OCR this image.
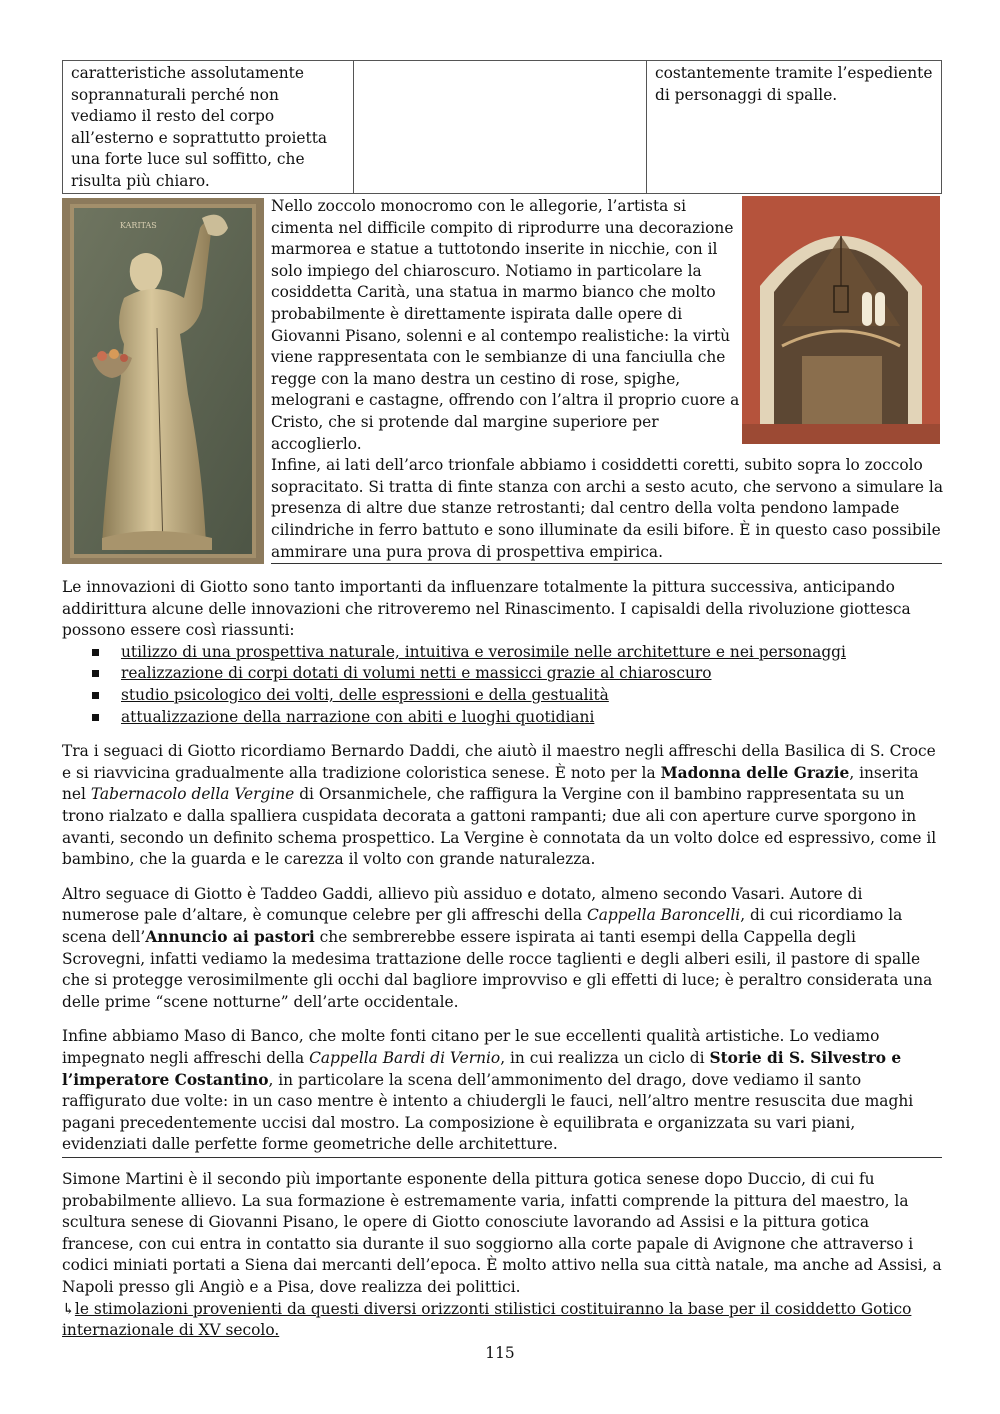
caratteristiche assolutamente soprannaturali perché non vediamo il resto del corpo all’esterno e soprattutto proietta una forte luce sul soffitto, che risulta più chiaro.		costantemente tramite l’espediente di personaggi di spalle.
KARITAS

Nello zoccolo monocromo con le allegorie, l’artista si cimenta nel difficile compito di riprodurre una decorazione marmorea e statue a tuttotondo inserite in nicchie, con il solo impiego del chiaroscuro. Notiamo in particolare la cosiddetta Carità, una statua in marmo bianco che molto probabilmente è direttamente ispirata dalle opere di Giovanni Pisano, solenni e al contempo realistiche: la virtù viene rappresentata con le sembianze di una fanciulla che regge con la mano destra un cestino di rose, spighe, melograni e castagne, offrendo con l’altra il proprio cuore a Cristo, che si protende dal margine superiore per accoglierlo.

Infine, ai lati dell’arco trionfale abbiamo i cosiddetti coretti, subito sopra lo zoccolo sopracitato. Si tratta di finte stanza con archi a sesto acuto, che servono a simulare la presenza di altre due stanze retrostanti; dal centro della volta pendono lampade cilindriche in ferro battuto e sono illuminate da esili bifore. È in questo caso possibile ammirare una pura prova di prospettiva empirica.

Le innovazioni di Giotto sono tanto importanti da influenzare totalmente la pittura successiva, anticipando addirittura alcune delle innovazioni che ritroveremo nel Rinascimento. I capisaldi della rivoluzione giottesca possono essere così riassunti:

utilizzo di una prospettiva naturale, intuitiva e verosimile nelle architetture e nei personaggi
realizzazione di corpi dotati di volumi netti e massicci grazie al chiaroscuro
studio psicologico dei volti, delle espressioni e della gestualità
attualizzazione della narrazione con abiti e luoghi quotidiani

Tra i seguaci di Giotto ricordiamo Bernardo Daddi, che aiutò il maestro negli affreschi della Basilica di S. Croce e si riavvicina gradualmente alla tradizione coloristica senese. È noto per la Madonna delle Grazie, inserita nel Tabernacolo della Vergine di Orsanmichele, che raffigura la Vergine con il bambino rappresentata su un trono rialzato e dalla spalliera cuspidata decorata a gattoni rampanti; due ali con aperture curve sporgono in avanti, secondo un definito schema prospettico. La Vergine è connotata da un volto dolce ed espressivo, come il bambino, che la guarda e le carezza il volto con grande naturalezza.

Altro seguace di Giotto è Taddeo Gaddi, allievo più assiduo e dotato, almeno secondo Vasari. Autore di numerose pale d’altare, è comunque celebre per gli affreschi della Cappella Baroncelli, di cui ricordiamo la scena dell’Annuncio ai pastori che sembrerebbe essere ispirata ai tanti esempi della Cappella degli Scrovegni, infatti vediamo la medesima trattazione delle rocce taglienti e degli alberi esili, il pastore di spalle che si protegge verosimilmente gli occhi dal bagliore improvviso e gli effetti di luce; è peraltro considerata una delle prime “scene notturne” dell’arte occidentale.

Infine abbiamo Maso di Banco, che molte fonti citano per le sue eccellenti qualità artistiche. Lo vediamo impegnato negli affreschi della Cappella Bardi di Vernio, in cui realizza un ciclo di Storie di S. Silvestro e l’imperatore Costantino, in particolare la scena dell’ammonimento del drago, dove vediamo il santo raffigurato due volte: in un caso mentre è intento a chiudergli le fauci, nell’altro mentre resuscita due maghi pagani precedentemente uccisi dal mostro. La composizione è equilibrata e organizzata su vari piani, evidenziati dalle perfette forme geometriche delle architetture.

Simone Martini è il secondo più importante esponente della pittura gotica senese dopo Duccio, di cui fu probabilmente allievo. La sua formazione è estremamente varia, infatti comprende la pittura del maestro, la scultura senese di Giovanni Pisano, le opere di Giotto conosciute lavorando ad Assisi e la pittura gotica francese, con cui entra in contatto sia durante il suo soggiorno alla corte papale di Avignone che attraverso i codici miniati portati a Siena dai mercanti dell’epoca. È molto attivo nella sua città natale, ma anche ad Assisi, a Napoli presso gli Angiò e a Pisa, dove realizza dei polittici.

↳le stimolazioni provenienti da questi diversi orizzonti stilistici costituiranno la base per il cosiddetto Gotico internazionale di XV secolo.

115
